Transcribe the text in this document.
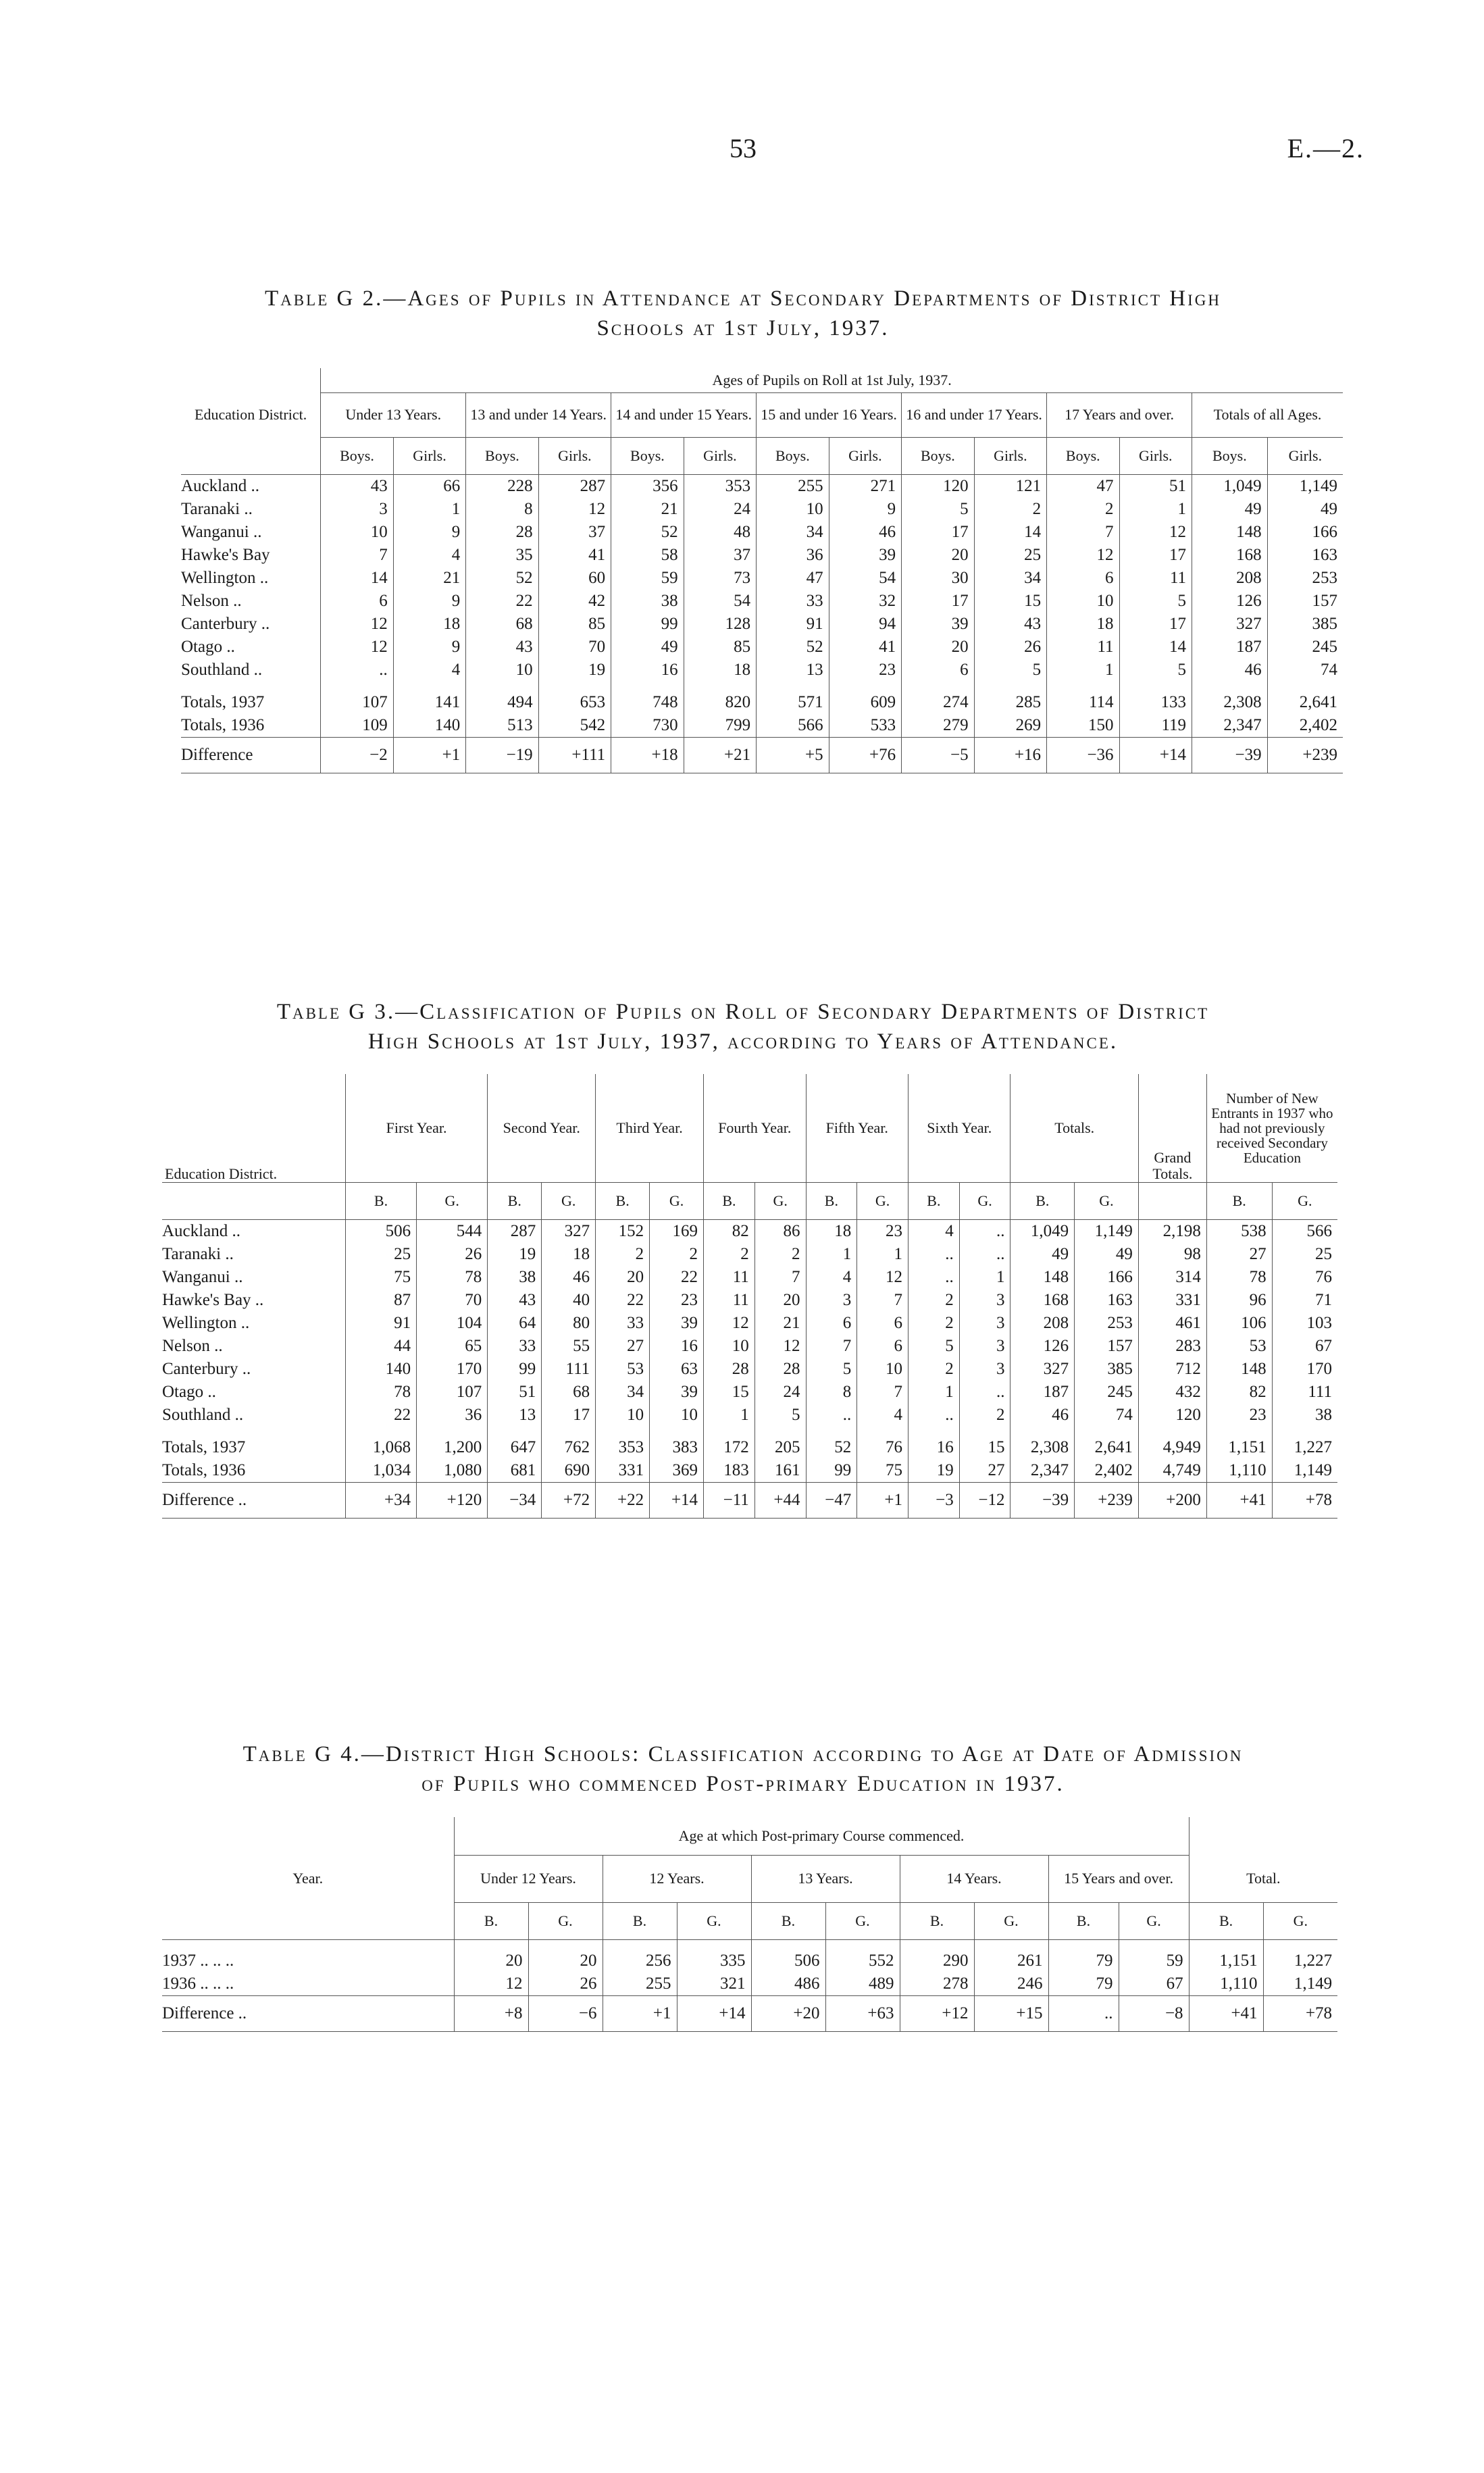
53	E.—2.
Table G 2.—Ages of Pupils in Attendance at Secondary Departments of District High
Schools at 1st July, 1937.
	Ages of Pupils on Roll at 1st July, 1937.													
Education District.	Under 13 Years.		13 and under 14 Years.		14 and under 15 Years.		15 and under 16 Years.		16 and under 17 Years.		17 Years and over.		Totals of all Ages.	
	Boys.	Girls.	Boys.	Girls.	Boys.	Girls.	Boys.	Girls.	Boys.	Girls.	Boys.	Girls.	Boys.	Girls.
Auckland ..	43	66	228	287	356	353	255	271	120	121	47	51	1,049	1,149
Taranaki ..	3	1	8	12	21	24	10	9	5	2	2	1	49	49
Wanganui ..	10	9	28	37	52	48	34	46	17	14	7	12	148	166
Hawke's Bay	7	4	35	41	58	37	36	39	20	25	12	17	168	163
Wellington ..	14	21	52	60	59	73	47	54	30	34	6	11	208	253
Nelson ..	6	9	22	42	38	54	33	32	17	15	10	5	126	157
Canterbury ..	12	18	68	85	99	128	91	94	39	43	18	17	327	385
Otago ..	12	9	43	70	49	85	52	41	20	26	11	14	187	245
Southland ..	..	4	10	19	16	18	13	23	6	5	1	5	46	74

Totals, 1937	107	141	494	653	748	820	571	609	274	285	114	133	2,308	2,641
Totals, 1936	109	140	513	542	730	799	566	533	279	269	150	119	2,347	2,402
Difference	−2	+1	−19	+111	+18	+21	+5	+76	−5	+16	−36	+14	−39	+239
Table G 3.—Classification of Pupils on Roll of Secondary Departments of District
High Schools at 1st July, 1937, according to Years of Attendance.
Education District.	First Year.		Second Year.		Third Year.		Fourth Year.		Fifth Year.		Sixth Year.		Totals.		Grand Totals.	Number of New Entrants in 1937 who had not previously received Secondary Education	
	B.	G.	B.	G.	B.	G.	B.	G.	B.	G.	B.	G.	B.	G.		B.	G.
Auckland ..	506	544	287	327	152	169	82	86	18	23	4	..	1,049	1,149	2,198	538	566
Taranaki ..	25	26	19	18	2	2	2	2	1	1	..	..	49	49	98	27	25
Wanganui ..	75	78	38	46	20	22	11	7	4	12	..	1	148	166	314	78	76
Hawke's Bay ..	87	70	43	40	22	23	11	20	3	7	2	3	168	163	331	96	71
Wellington ..	91	104	64	80	33	39	12	21	6	6	2	3	208	253	461	106	103
Nelson ..	44	65	33	55	27	16	10	12	7	6	5	3	126	157	283	53	67
Canterbury ..	140	170	99	111	53	63	28	28	5	10	2	3	327	385	712	148	170
Otago ..	78	107	51	68	34	39	15	24	8	7	1	..	187	245	432	82	111
Southland ..	22	36	13	17	10	10	1	5	..	4	..	2	46	74	120	23	38

Totals, 1937	1,068	1,200	647	762	353	383	172	205	52	76	16	15	2,308	2,641	4,949	1,151	1,227
Totals, 1936	1,034	1,080	681	690	331	369	183	161	99	75	19	27	2,347	2,402	4,749	1,110	1,149
Difference ..	+34	+120	−34	+72	+22	+14	−11	+44	−47	+1	−3	−12	−39	+239	+200	+41	+78
Table G 4.—District High Schools: Classification according to Age at Date of Admission
of Pupils who commenced Post-primary Education in 1937.
	Age at which Post-primary Course commenced.											
Year.	Under 12 Years.		12 Years.		13 Years.		14 Years.		15 Years and over.		Total.	
	B.	G.	B.	G.	B.	G.	B.	G.	B.	G.	B.	G.

1937 .. .. ..	20	20	256	335	506	552	290	261	79	59	1,151	1,227
1936 .. .. ..	12	26	255	321	486	489	278	246	79	67	1,110	1,149
Difference ..	+8	−6	+1	+14	+20	+63	+12	+15	..	−8	+41	+78
